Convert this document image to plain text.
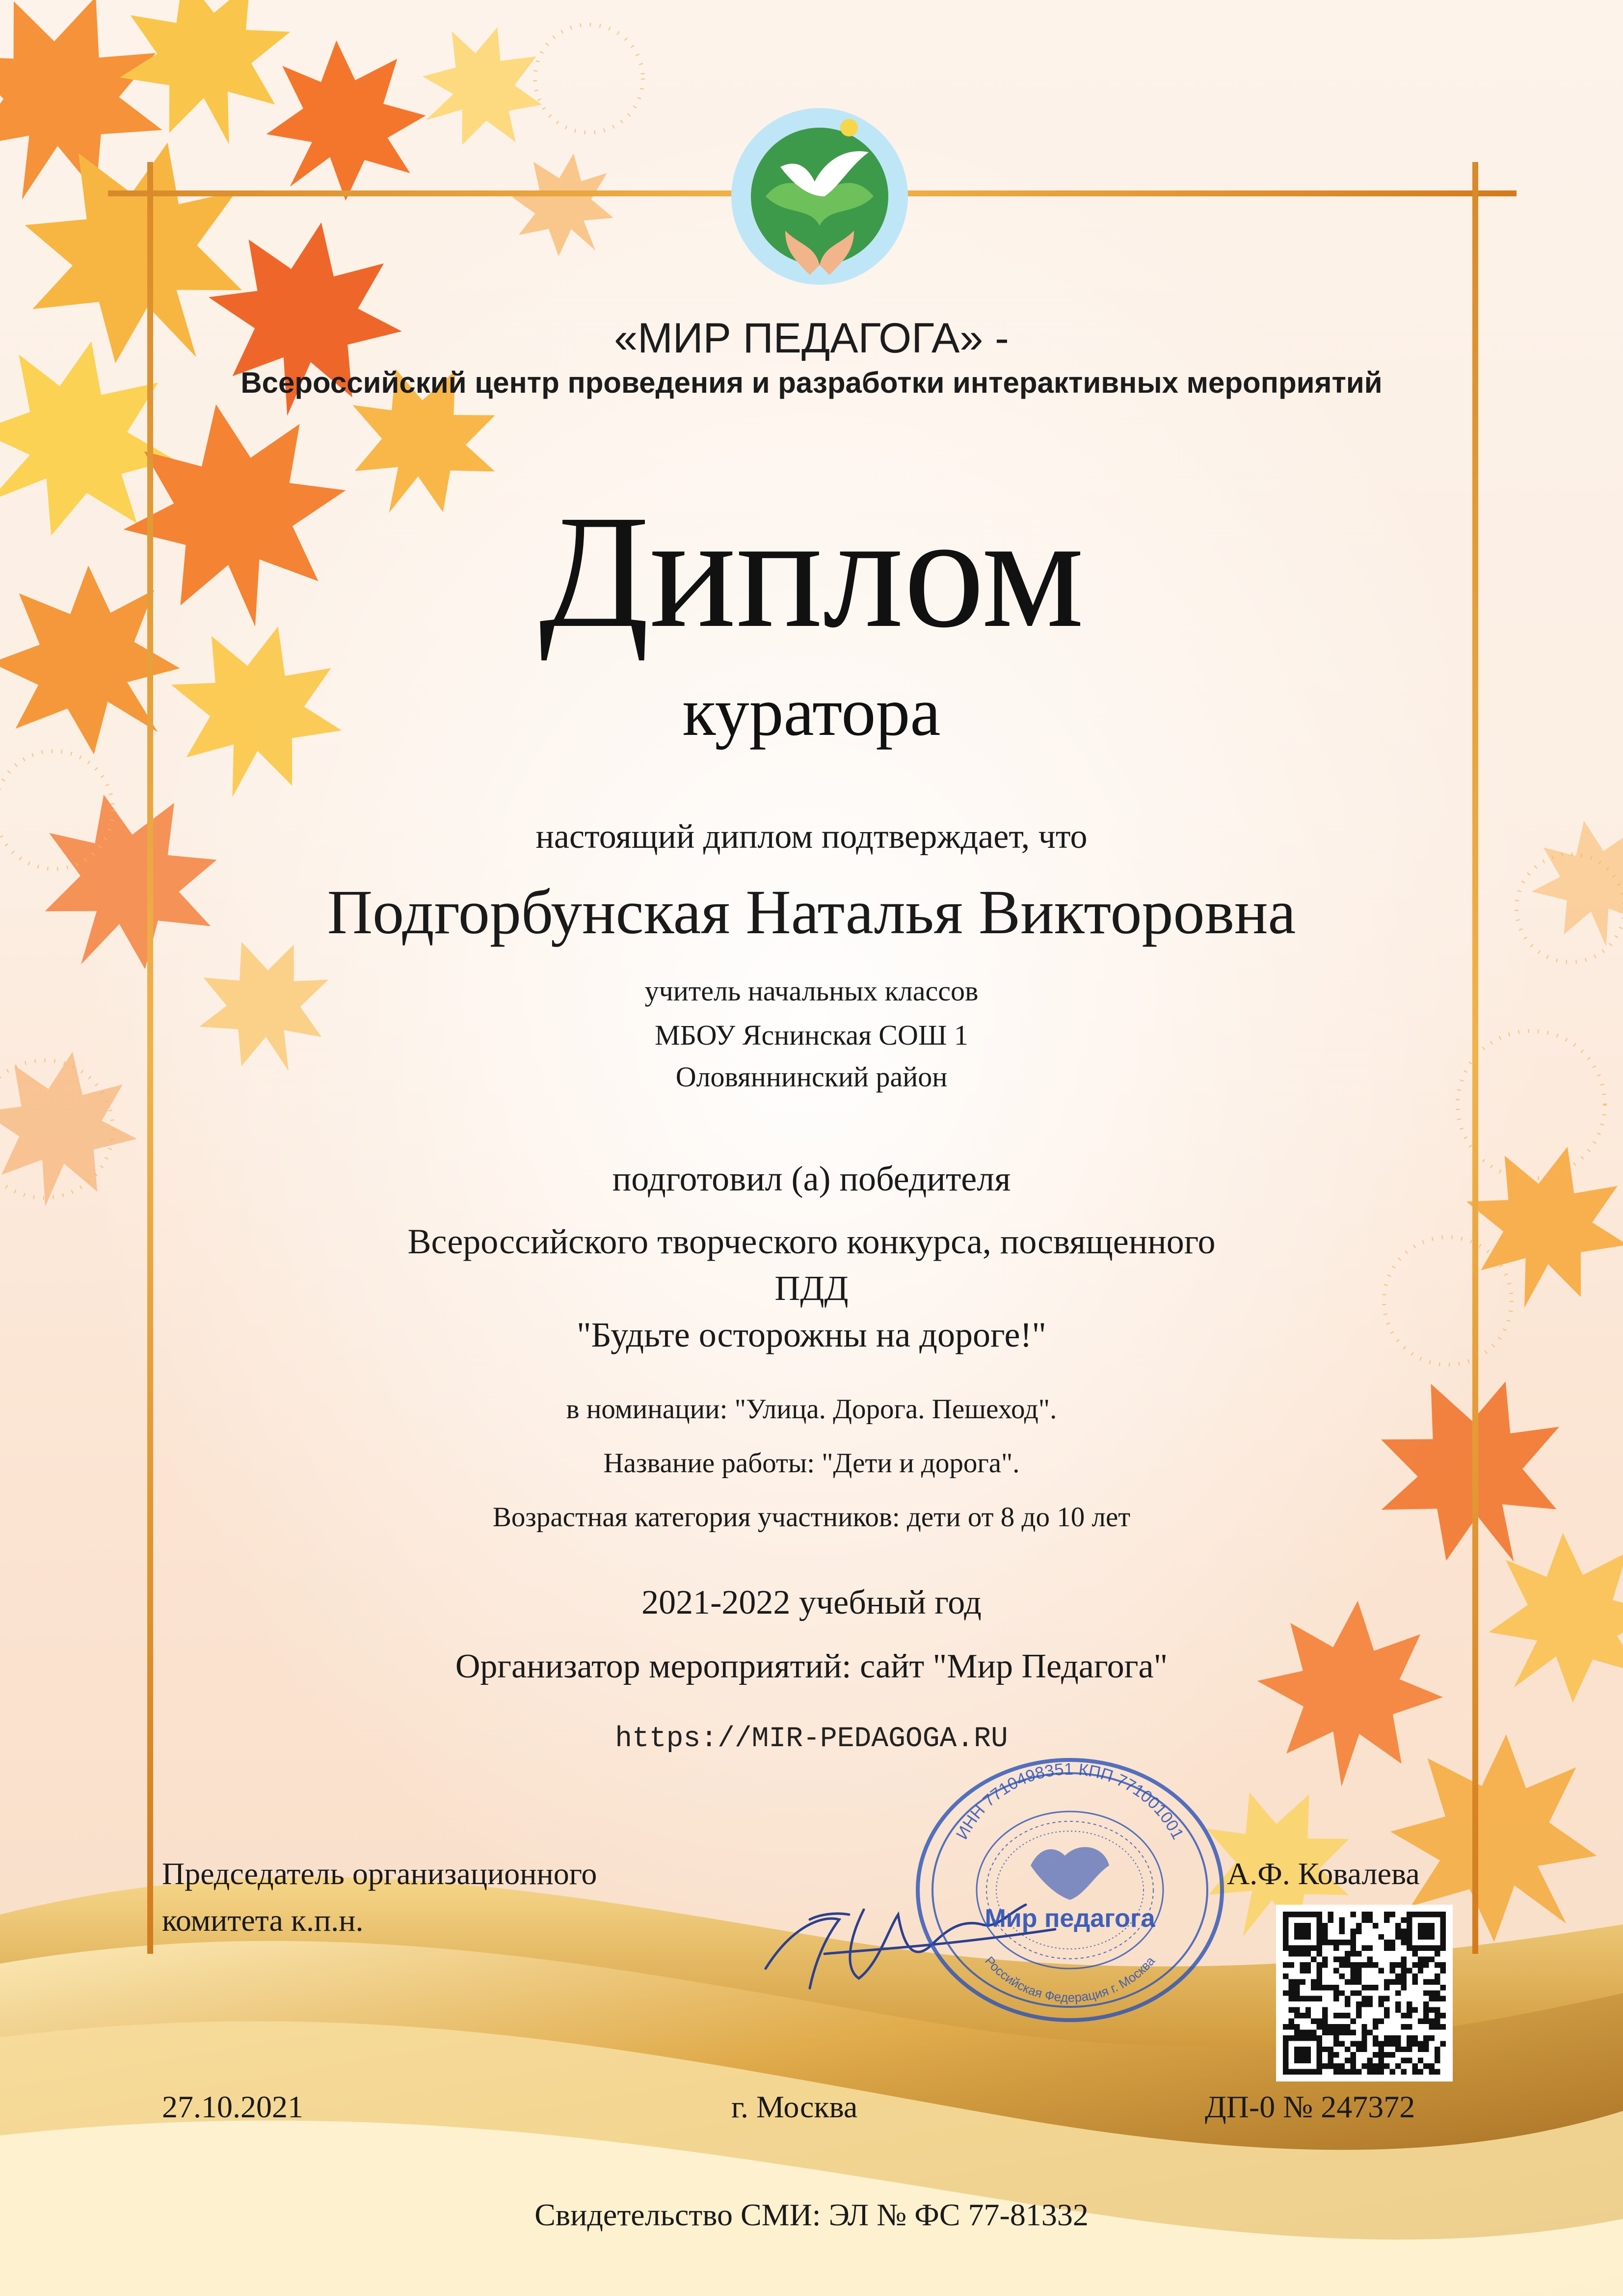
«МИР ПЕДАГОГА» -
Всероссийский центр проведения и разработки интерактивных мероприятий
Диплом
куратора
настоящий диплом подтверждает, что
Подгорбунская Наталья Викторовна
учитель начальных классов
МБОУ Яснинская СОШ 1
Оловяннинский район
подготовил (а) победителя
Всероссийского творческого конкурса, посвященного
ПДД
"Будьте осторожны на дороге!"
в номинации: "Улица. Дорога. Пешеход".
Название работы: "Дети и дорога".
Возрастная категория участников: дети от 8 до 10 лет
2021-2022 учебный год
Организатор мероприятий: сайт "Мир Педагога"
https://MIR-PEDAGOGA.RU
Председатель организационного
комитета к.п.н.
А.Ф. Ковалева
ИНН 7710498351 КПП 771001001
Мир педагога
Российская Федерация г. Москва
27.10.2021	г. Москва	ДП-0 № 247372
Свидетельство СМИ: ЭЛ № ФС 77-81332
